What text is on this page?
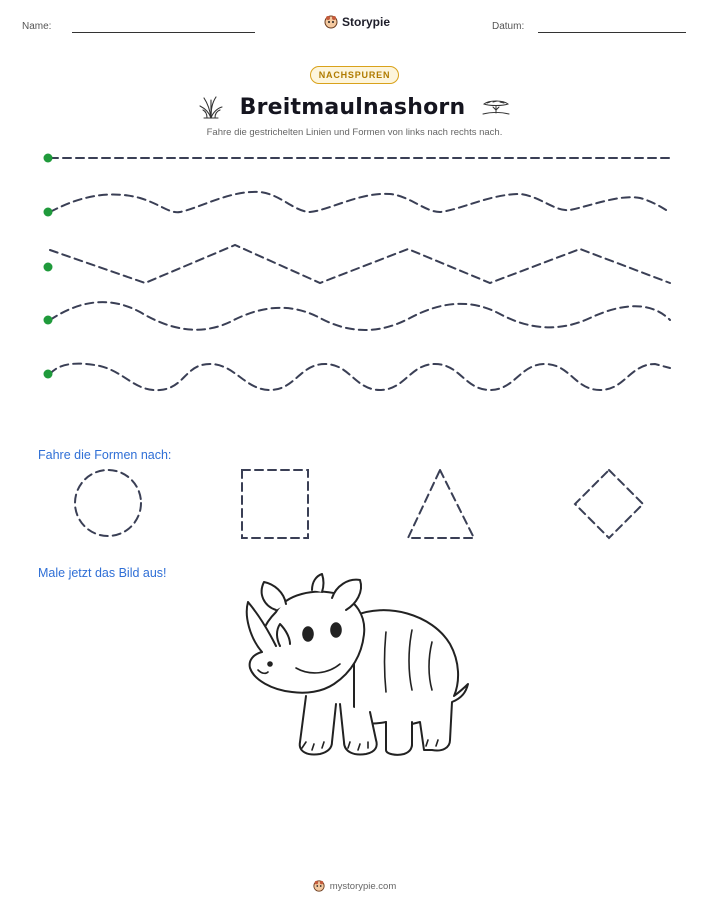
Name:	Storypie	Datum:
NACHSPUREN
Breitmaulnashorn
Fahre die gestrichelten Linien und Formen von links nach rechts nach.
Fahre die Formen nach:
Male jetzt das Bild aus!
mystorypie.com
